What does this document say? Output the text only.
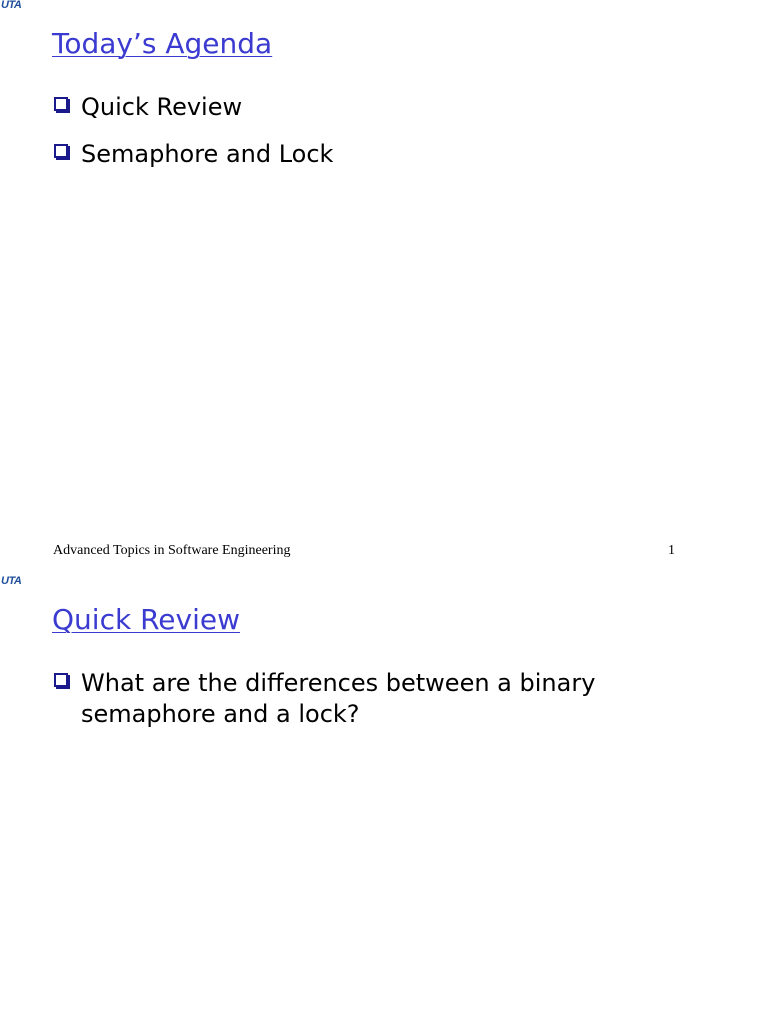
UTA
Today’s Agenda
Quick Review
Semaphore and Lock
Advanced Topics in Software Engineering	1
UTA
Quick Review
What are the differences between a binary semaphore and a lock?
